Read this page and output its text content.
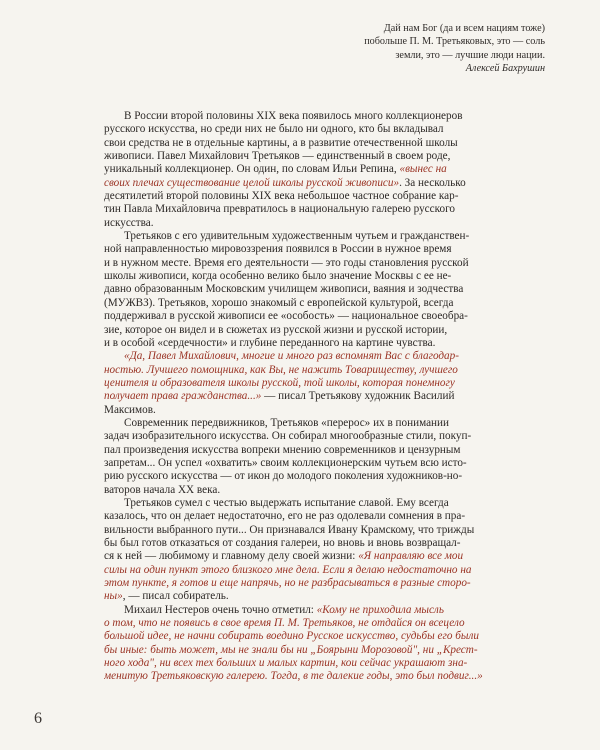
Дай нам Бог (да и всем нациям тоже)
побольше П. М. Третьяковых, это — соль
земли, это — лучшие люди нации.
Алексей Бахрушин
В России второй половины XIX века появилось много коллекционеров
русского искусства, но среди них не было ни одного, кто бы вкладывал
свои средства не в отдельные картины, а в развитие отечественной школы
живописи. Павел Михайлович Третьяков — единственный в своем роде,
уникальный коллекционер. Он один, по словам Ильи Репина, «вынес на
своих плечах существование целой школы русской живописи». За несколько
десятилетий второй половины XIX века небольшое частное собрание кар-
тин Павла Михайловича превратилось в национальную галерею русского
искусства.
Третьяков с его удивительным художественным чутьем и гражданствен-
ной направленностью мировоззрения появился в России в нужное время
и в нужном месте. Время его деятельности — это годы становления русской
школы живописи, когда особенно велико было значение Москвы с ее не-
давно образованным Московским училищем живописи, ваяния и зодчества
(МУЖВЗ). Третьяков, хорошо знакомый с европейской культурой, всегда
поддерживал в русской живописи ее «особость» — национальное своеобра-
зие, которое он видел и в сюжетах из русской жизни и русской истории,
и в особой «сердечности» и глубине переданного на картине чувства.
«Да, Павел Михайлович, многие и много раз вспомнят Вас с благодар-
ностью. Лучшего помощника, как Вы, не нажить Товариществу, лучшего
ценителя и образователя школы русской, той школы, которая понемногу
получает права гражданства...» — писал Третьякову художник Василий
Максимов.
Современник передвижников, Третьяков «перерос» их в понимании
задач изобразительного искусства. Он собирал многообразные стили, покуп-
пал произведения искусства вопреки мнению современников и цензурным
запретам... Он успел «охватить» своим коллекционерским чутьем всю исто-
рию русского искусства — от икон до молодого поколения художников-но-
ваторов начала XX века.
Третьяков сумел с честью выдержать испытание славой. Ему всегда
казалось, что он делает недостаточно, его не раз одолевали сомнения в пра-
вильности выбранного пути... Он признавался Ивану Крамскому, что трижды
бы был готов отказаться от создания галереи, но вновь и вновь возвращал-
ся к ней — любимому и главному делу своей жизни: «Я направляю все мои
силы на один пункт этого близкого мне дела. Если я делаю недостаточно на
этом пункте, я готов и еще напрячь, но не разбрасываться в разные сторо-
ны», — писал собиратель.
Михаил Нестеров очень точно отметил: «Кому не приходила мысль
о том, что не появись в свое время П. М. Третьяков, не отдайся он всецело
большой идее, не начни собирать воедино Русское искусство, судьбы его были
бы иные: быть может, мы не знали бы ни „Боярыни Морозовой", ни „Крест-
ного хода", ни всех тех больших и малых картин, кои сейчас украшают зна-
менитую Третьяковскую галерею. Тогда, в те далекие годы, это был подвиг...»
6
